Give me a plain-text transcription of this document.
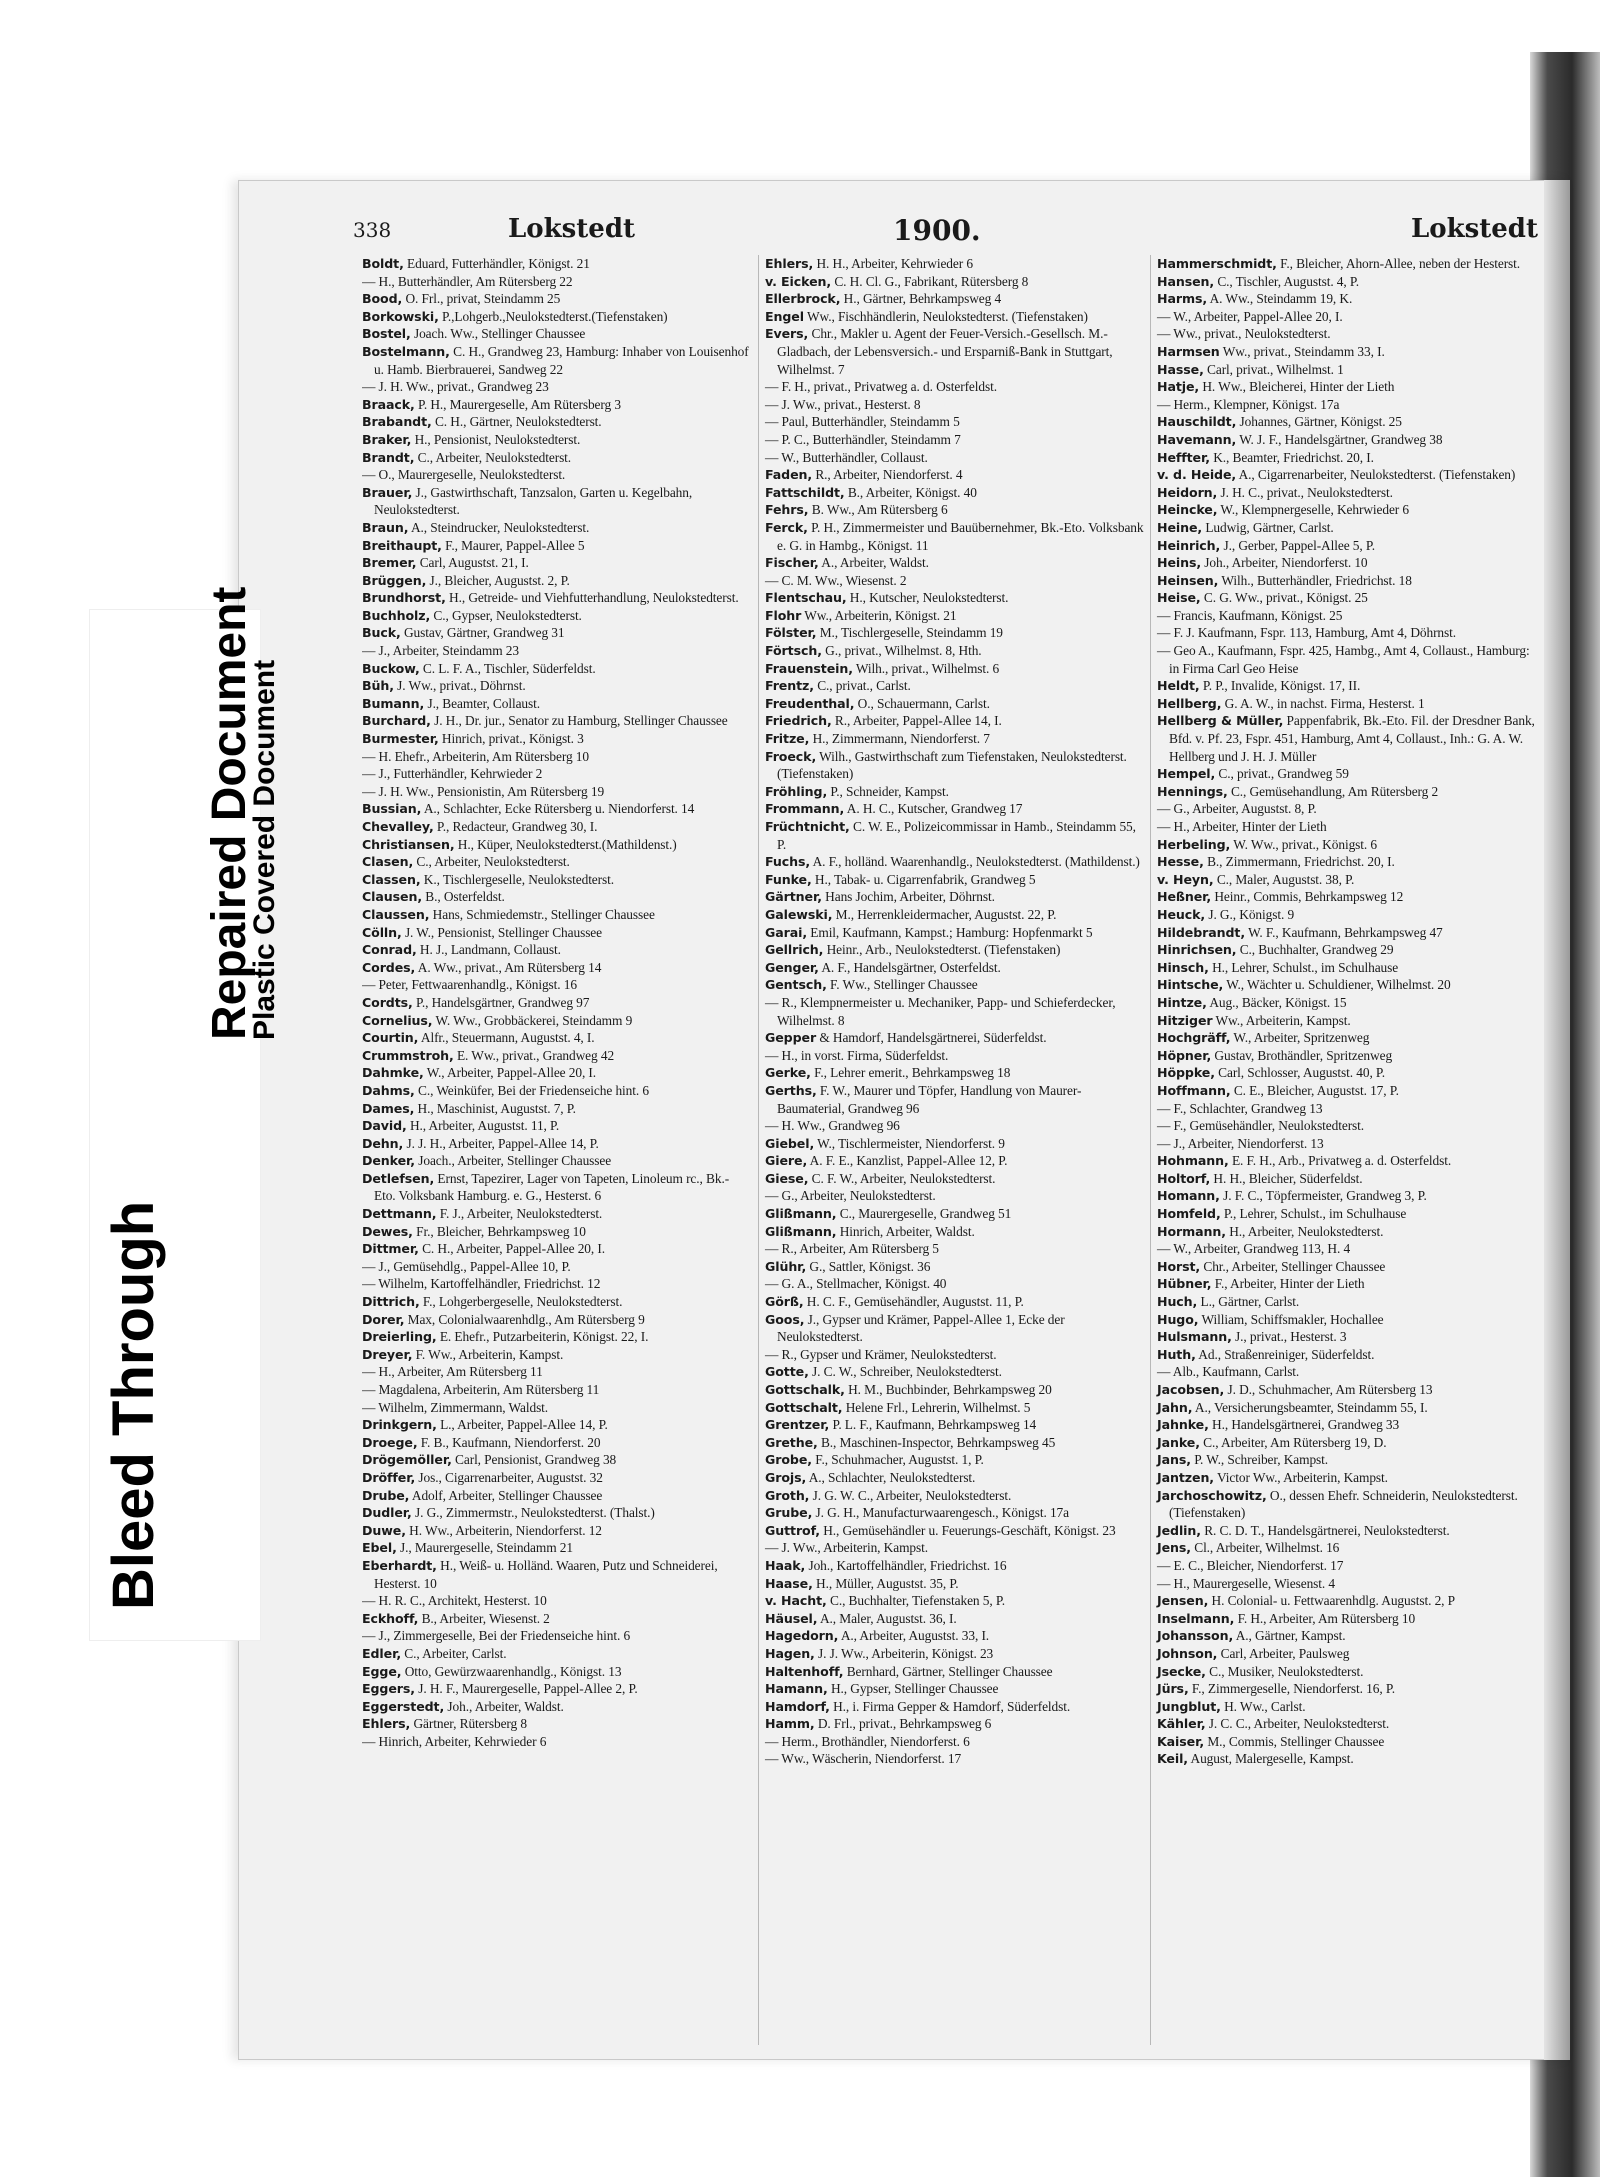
338	Lokstedt	1900.	Lokstedt

Boldt, Eduard, Futterhändler, Königst. 21

— H., Butterhändler, Am Rütersberg 22

Bood, O. Frl., privat, Steindamm 25

Borkowski, P.,Lohgerb.,Neulokstedterst.(Tiefenstaken)

Bostel, Joach. Ww., Stellinger Chaussee

Bostelmann, C. H., Grandweg 23, Hamburg: Inhaber von Louisenhof u. Hamb. Bierbrauerei, Sandweg 22

— J. H. Ww., privat., Grandweg 23

Braack, P. H., Maurergeselle, Am Rütersberg 3

Brabandt, C. H., Gärtner, Neulokstedterst.

Braker, H., Pensionist, Neulokstedterst.

Brandt, C., Arbeiter, Neulokstedterst.

— O., Maurergeselle, Neulokstedterst.

Brauer, J., Gastwirthschaft, Tanzsalon, Garten u. Kegelbahn, Neulokstedterst.

Braun, A., Steindrucker, Neulokstedterst.

Breithaupt, F., Maurer, Pappel-Allee 5

Bremer, Carl, Augustst. 21, I.

Brüggen, J., Bleicher, Augustst. 2, P.

Brundhorst, H., Getreide- und Viehfutterhandlung, Neulokstedterst.

Buchholz, C., Gypser, Neulokstedterst.

Buck, Gustav, Gärtner, Grandweg 31

— J., Arbeiter, Steindamm 23

Buckow, C. L. F. A., Tischler, Süderfeldst.

Büh, J. Ww., privat., Döhrnst.

Bumann, J., Beamter, Collaust.

Burchard, J. H., Dr. jur., Senator zu Hamburg, Stellinger Chaussee

Burmester, Hinrich, privat., Königst. 3

— H. Ehefr., Arbeiterin, Am Rütersberg 10

— J., Futterhändler, Kehrwieder 2

— J. H. Ww., Pensionistin, Am Rütersberg 19

Bussian, A., Schlachter, Ecke Rütersberg u. Niendorferst. 14

Chevalley, P., Redacteur, Grandweg 30, I.

Christiansen, H., Küper, Neulokstedterst.(Mathildenst.)

Clasen, C., Arbeiter, Neulokstedterst.

Classen, K., Tischlergeselle, Neulokstedterst.

Clausen, B., Osterfeldst.

Claussen, Hans, Schmiedemstr., Stellinger Chaussee

Cölln, J. W., Pensionist, Stellinger Chaussee

Conrad, H. J., Landmann, Collaust.

Cordes, A. Ww., privat., Am Rütersberg 14

— Peter, Fettwaarenhandlg., Königst. 16

Cordts, P., Handelsgärtner, Grandweg 97

Cornelius, W. Ww., Grobbäckerei, Steindamm 9

Courtin, Alfr., Steuermann, Augustst. 4, I.

Crummstroh, E. Ww., privat., Grandweg 42

Dahmke, W., Arbeiter, Pappel-Allee 20, I.

Dahms, C., Weinküfer, Bei der Friedenseiche hint. 6

Dames, H., Maschinist, Augustst. 7, P.

David, H., Arbeiter, Augustst. 11, P.

Dehn, J. J. H., Arbeiter, Pappel-Allee 14, P.

Denker, Joach., Arbeiter, Stellinger Chaussee

Detlefsen, Ernst, Tapezirer, Lager von Tapeten, Linoleum rc., Bk.-Eto. Volksbank Hamburg. e. G., Hesterst. 6

Dettmann, F. J., Arbeiter, Neulokstedterst.

Dewes, Fr., Bleicher, Behrkampsweg 10

Dittmer, C. H., Arbeiter, Pappel-Allee 20, I.

— J., Gemüsehdlg., Pappel-Allee 10, P.

— Wilhelm, Kartoffelhändler, Friedrichst. 12

Dittrich, F., Lohgerbergeselle, Neulokstedterst.

Dorer, Max, Colonialwaarenhdlg., Am Rütersberg 9

Dreierling, E. Ehefr., Putzarbeiterin, Königst. 22, I.

Dreyer, F. Ww., Arbeiterin, Kampst.

— H., Arbeiter, Am Rütersberg 11

— Magdalena, Arbeiterin, Am Rütersberg 11

— Wilhelm, Zimmermann, Waldst.

Drinkgern, L., Arbeiter, Pappel-Allee 14, P.

Droege, F. B., Kaufmann, Niendorferst. 20

Drögemöller, Carl, Pensionist, Grandweg 38

Dröffer, Jos., Cigarrenarbeiter, Augustst. 32

Drube, Adolf, Arbeiter, Stellinger Chaussee

Dudler, J. G., Zimmermstr., Neulokstedterst. (Thalst.)

Duwe, H. Ww., Arbeiterin, Niendorferst. 12

Ebel, J., Maurergeselle, Steindamm 21

Eberhardt, H., Weiß- u. Holländ. Waaren, Putz und Schneiderei, Hesterst. 10

— H. R. C., Architekt, Hesterst. 10

Eckhoff, B., Arbeiter, Wiesenst. 2

— J., Zimmergeselle, Bei der Friedenseiche hint. 6

Edler, C., Arbeiter, Carlst.

Egge, Otto, Gewürzwaarenhandlg., Königst. 13

Eggers, J. H. F., Maurergeselle, Pappel-Allee 2, P.

Eggerstedt, Joh., Arbeiter, Waldst.

Ehlers, Gärtner, Rütersberg 8

— Hinrich, Arbeiter, Kehrwieder 6

Ehlers, H. H., Arbeiter, Kehrwieder 6

v. Eicken, C. H. Cl. G., Fabrikant, Rütersberg 8

Ellerbrock, H., Gärtner, Behrkampsweg 4

Engel Ww., Fischhändlerin, Neulokstedterst. (Tiefenstaken)

Evers, Chr., Makler u. Agent der Feuer-Versich.-Gesellsch. M.-Gladbach, der Lebensversich.- und Ersparniß-Bank in Stuttgart, Wilhelmst. 7

— F. H., privat., Privatweg a. d. Osterfeldst.

— J. Ww., privat., Hesterst. 8

— Paul, Butterhändler, Steindamm 5

— P. C., Butterhändler, Steindamm 7

— W., Butterhändler, Collaust.

Faden, R., Arbeiter, Niendorferst. 4

Fattschildt, B., Arbeiter, Königst. 40

Fehrs, B. Ww., Am Rütersberg 6

Ferck, P. H., Zimmermeister und Bauübernehmer, Bk.-Eto. Volksbank e. G. in Hambg., Königst. 11

Fischer, A., Arbeiter, Waldst.

— C. M. Ww., Wiesenst. 2

Flentschau, H., Kutscher, Neulokstedterst.

Flohr Ww., Arbeiterin, Königst. 21

Fölster, M., Tischlergeselle, Steindamm 19

Förtsch, G., privat., Wilhelmst. 8, Hth.

Frauenstein, Wilh., privat., Wilhelmst. 6

Frentz, C., privat., Carlst.

Freudenthal, O., Schauermann, Carlst.

Friedrich, R., Arbeiter, Pappel-Allee 14, I.

Fritze, H., Zimmermann, Niendorferst. 7

Froeck, Wilh., Gastwirthschaft zum Tiefenstaken, Neulokstedterst. (Tiefenstaken)

Fröhling, P., Schneider, Kampst.

Frommann, A. H. C., Kutscher, Grandweg 17

Früchtnicht, C. W. E., Polizeicommissar in Hamb., Steindamm 55, P.

Fuchs, A. F., holländ. Waarenhandlg., Neulokstedterst. (Mathildenst.)

Funke, H., Tabak- u. Cigarrenfabrik, Grandweg 5

Gärtner, Hans Jochim, Arbeiter, Döhrnst.

Galewski, M., Herrenkleidermacher, Augustst. 22, P.

Garai, Emil, Kaufmann, Kampst.; Hamburg: Hopfenmarkt 5

Gellrich, Heinr., Arb., Neulokstedterst. (Tiefenstaken)

Genger, A. F., Handelsgärtner, Osterfeldst.

Gentsch, F. Ww., Stellinger Chaussee

— R., Klempnermeister u. Mechaniker, Papp- und Schieferdecker, Wilhelmst. 8

Gepper & Hamdorf, Handelsgärtnerei, Süderfeldst.

— H., in vorst. Firma, Süderfeldst.

Gerke, F., Lehrer emerit., Behrkampsweg 18

Gerths, F. W., Maurer und Töpfer, Handlung von Maurer-Baumaterial, Grandweg 96

— H. Ww., Grandweg 96

Giebel, W., Tischlermeister, Niendorferst. 9

Giere, A. F. E., Kanzlist, Pappel-Allee 12, P.

Giese, C. F. W., Arbeiter, Neulokstedterst.

— G., Arbeiter, Neulokstedterst.

Glißmann, C., Maurergeselle, Grandweg 51

Glißmann, Hinrich, Arbeiter, Waldst.

— R., Arbeiter, Am Rütersberg 5

Glühr, G., Sattler, Königst. 36

— G. A., Stellmacher, Königst. 40

Görß, H. C. F., Gemüsehändler, Augustst. 11, P.

Goos, J., Gypser und Krämer, Pappel-Allee 1, Ecke der Neulokstedterst.

— R., Gypser und Krämer, Neulokstedterst.

Gotte, J. C. W., Schreiber, Neulokstedterst.

Gottschalk, H. M., Buchbinder, Behrkampsweg 20

Gottschalt, Helene Frl., Lehrerin, Wilhelmst. 5

Grentzer, P. L. F., Kaufmann, Behrkampsweg 14

Grethe, B., Maschinen-Inspector, Behrkampsweg 45

Grobe, F., Schuhmacher, Augustst. 1, P.

Grojs, A., Schlachter, Neulokstedterst.

Groth, J. G. W. C., Arbeiter, Neulokstedterst.

Grube, J. G. H., Manufacturwaarengesch., Königst. 17a

Guttrof, H., Gemüsehändler u. Feuerungs-Geschäft, Königst. 23

— J. Ww., Arbeiterin, Kampst.

Haak, Joh., Kartoffelhändler, Friedrichst. 16

Haase, H., Müller, Augustst. 35, P.

v. Hacht, C., Buchhalter, Tiefenstaken 5, P.

Häusel, A., Maler, Augustst. 36, I.

Hagedorn, A., Arbeiter, Augustst. 33, I.

Hagen, J. J. Ww., Arbeiterin, Königst. 23

Haltenhoff, Bernhard, Gärtner, Stellinger Chaussee

Hamann, H., Gypser, Stellinger Chaussee

Hamdorf, H., i. Firma Gepper & Hamdorf, Süderfeldst.

Hamm, D. Frl., privat., Behrkampsweg 6

— Herm., Brothändler, Niendorferst. 6

— Ww., Wäscherin, Niendorferst. 17

Hammerschmidt, F., Bleicher, Ahorn-Allee, neben der Hesterst.

Hansen, C., Tischler, Augustst. 4, P.

Harms, A. Ww., Steindamm 19, K.

— W., Arbeiter, Pappel-Allee 20, I.

— Ww., privat., Neulokstedterst.

Harmsen Ww., privat., Steindamm 33, I.

Hasse, Carl, privat., Wilhelmst. 1

Hatje, H. Ww., Bleicherei, Hinter der Lieth

— Herm., Klempner, Königst. 17a

Hauschildt, Johannes, Gärtner, Königst. 25

Havemann, W. J. F., Handelsgärtner, Grandweg 38

Heffter, K., Beamter, Friedrichst. 20, I.

v. d. Heide, A., Cigarrenarbeiter, Neulokstedterst. (Tiefenstaken)

Heidorn, J. H. C., privat., Neulokstedterst.

Heincke, W., Klempnergeselle, Kehrwieder 6

Heine, Ludwig, Gärtner, Carlst.

Heinrich, J., Gerber, Pappel-Allee 5, P.

Heins, Joh., Arbeiter, Niendorferst. 10

Heinsen, Wilh., Butterhändler, Friedrichst. 18

Heise, C. G. Ww., privat., Königst. 25

— Francis, Kaufmann, Königst. 25

— F. J. Kaufmann, Fspr. 113, Hamburg, Amt 4, Döhrnst.

— Geo A., Kaufmann, Fspr. 425, Hambg., Amt 4, Collaust., Hamburg: in Firma Carl Geo Heise

Heldt, P. P., Invalide, Königst. 17, II.

Hellberg, G. A. W., in nachst. Firma, Hesterst. 1

Hellberg & Müller, Pappenfabrik, Bk.-Eto. Fil. der Dresdner Bank, Bfd. v. Pf. 23, Fspr. 451, Hamburg, Amt 4, Collaust., Inh.: G. A. W. Hellberg und J. H. J. Müller

Hempel, C., privat., Grandweg 59

Hennings, C., Gemüsehandlung, Am Rütersberg 2

— G., Arbeiter, Augustst. 8, P.

— H., Arbeiter, Hinter der Lieth

Herbeling, W. Ww., privat., Königst. 6

Hesse, B., Zimmermann, Friedrichst. 20, I.

v. Heyn, C., Maler, Augustst. 38, P.

Heßner, Heinr., Commis, Behrkampsweg 12

Heuck, J. G., Königst. 9

Hildebrandt, W. F., Kaufmann, Behrkampsweg 47

Hinrichsen, C., Buchhalter, Grandweg 29

Hinsch, H., Lehrer, Schulst., im Schulhause

Hintsche, W., Wächter u. Schuldiener, Wilhelmst. 20

Hintze, Aug., Bäcker, Königst. 15

Hitziger Ww., Arbeiterin, Kampst.

Hochgräff, W., Arbeiter, Spritzenweg

Höpner, Gustav, Brothändler, Spritzenweg

Höppke, Carl, Schlosser, Augustst. 40, P.

Hoffmann, C. E., Bleicher, Augustst. 17, P.

— F., Schlachter, Grandweg 13

— F., Gemüsehändler, Neulokstedterst.

— J., Arbeiter, Niendorferst. 13

Hohmann, E. F. H., Arb., Privatweg a. d. Osterfeldst.

Holtorf, H. H., Bleicher, Süderfeldst.

Homann, J. F. C., Töpfermeister, Grandweg 3, P.

Homfeld, P., Lehrer, Schulst., im Schulhause

Hormann, H., Arbeiter, Neulokstedterst.

— W., Arbeiter, Grandweg 113, H. 4

Horst, Chr., Arbeiter, Stellinger Chaussee

Hübner, F., Arbeiter, Hinter der Lieth

Huch, L., Gärtner, Carlst.

Hugo, William, Schiffsmakler, Hochallee

Hulsmann, J., privat., Hesterst. 3

Huth, Ad., Straßenreiniger, Süderfeldst.

— Alb., Kaufmann, Carlst.

Jacobsen, J. D., Schuhmacher, Am Rütersberg 13

Jahn, A., Versicherungsbeamter, Steindamm 55, I.

Jahnke, H., Handelsgärtnerei, Grandweg 33

Janke, C., Arbeiter, Am Rütersberg 19, D.

Jans, P. W., Schreiber, Kampst.

Jantzen, Victor Ww., Arbeiterin, Kampst.

Jarchoschowitz, O., dessen Ehefr. Schneiderin, Neulokstedterst. (Tiefenstaken)

Jedlin, R. C. D. T., Handelsgärtnerei, Neulokstedterst.

Jens, Cl., Arbeiter, Wilhelmst. 16

— E. C., Bleicher, Niendorferst. 17

— H., Maurergeselle, Wiesenst. 4

Jensen, H. Colonial- u. Fettwaarenhdlg. Augustst. 2, P

Inselmann, F. H., Arbeiter, Am Rütersberg 10

Johansson, A., Gärtner, Kampst.

Johnson, Carl, Arbeiter, Paulsweg

Jsecke, C., Musiker, Neulokstedterst.

Jürs, F., Zimmergeselle, Niendorferst. 16, P.

Jungblut, H. Ww., Carlst.

Kähler, J. C. C., Arbeiter, Neulokstedterst.

Kaiser, M., Commis, Stellinger Chaussee

Keil, August, Malergeselle, Kampst.

Bleed Through
Repaired Document
Plastic Covered Document
